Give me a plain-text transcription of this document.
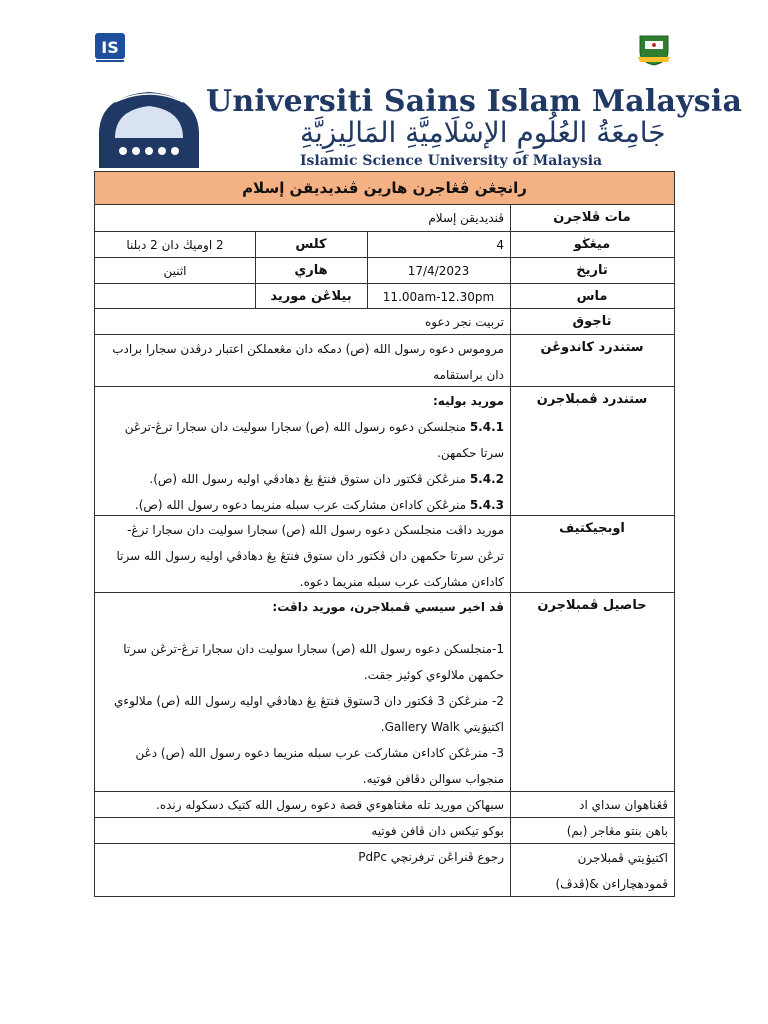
IS
Universiti Sains Islam Malaysia
جَامِعَةُ العُلُومِ الإسْلَامِيَّةِ المَالِيزِيَّةِ
Islamic Science University of Malaysia
رانچڠن ڤڠاجرن هارين ڤنديديقن إسلام
مات ڤلاجرن
ڤنديديقن إسلام
ميڠڬو
4
کلس
2 اوميڬ دان 2 دبلنا
تاريخ
17/4/2023
هاري
اثنين
ماس
11.00am-12.30pm
بيلاڠن موريد
تاجوق
تربيت نجر دعوه
ستندرد کاندوڠن
مروموس دعوه رسول الله (ص) دمکه دان مڠعملکن اعتبار درڤدن سجارا برادب دان براستقامه
ستندرد ڤمبلاجرن

موريد بوليه:

5.4.1 منجلسکن دعوه رسول الله (ص) سجارا سوليت دان سجارا ترڠ-ترڠن سرتا حکمهن.

5.4.2 منرڠکن ڤکتور دان ستوق فنتڠ يڠ دهادڤي اوليه رسول الله (ص).

5.4.3 منرڠکن کاداءن مشارکت عرب سبله منريما دعوه رسول الله (ص).

اوبجيکتيف
موريد داڤت منجلسکن دعوه رسول الله (ص) سجارا سوليت دان سجارا ترڠ-ترڠن سرتا حکمهن دان ڤکتور دان ستوق فنتڠ يڠ دهادڤي اوليه رسول الله سرتا کاداءن مشارکت عرب سبله منريما دعوه.
حاصيل ڤمبلاجرن

ڤد اخير سيسي ڤمبلاجرن، موريد داڤت:

1-منجلسکن دعوه رسول الله (ص) سجارا سوليت دان سجارا ترڠ-ترڠن سرتا حکمهن ملالوءي کوئيز جقت.

2- منرڠکن 3 ڤکتور دان 3ستوق فنتڠ يڠ دهادڤي اوليه رسول الله (ص) ملالوءي اکتيۏيتي Gallery Walk.

3- منرڠکن کاداءن مشارکت عرب سبله منريما دعوه رسول الله (ص) دڠن منجواب سوالن دڤافن فوتيه.

ڤڠناهوان سداي اد
سبهاکن موريد تله مڠتاهوءي قصة دعوه رسول الله کتيک دسکوله رنده.
باهن بنتو مڠاجر (بم)
بوکو تيکس دان ڤافن فوتيه

اکتيۏيتي ڤمبلاجرن

ڤمودهچاراءن &(ڤدڤ)

رجوع ڤنراڠن ترفرنچي PdPc
